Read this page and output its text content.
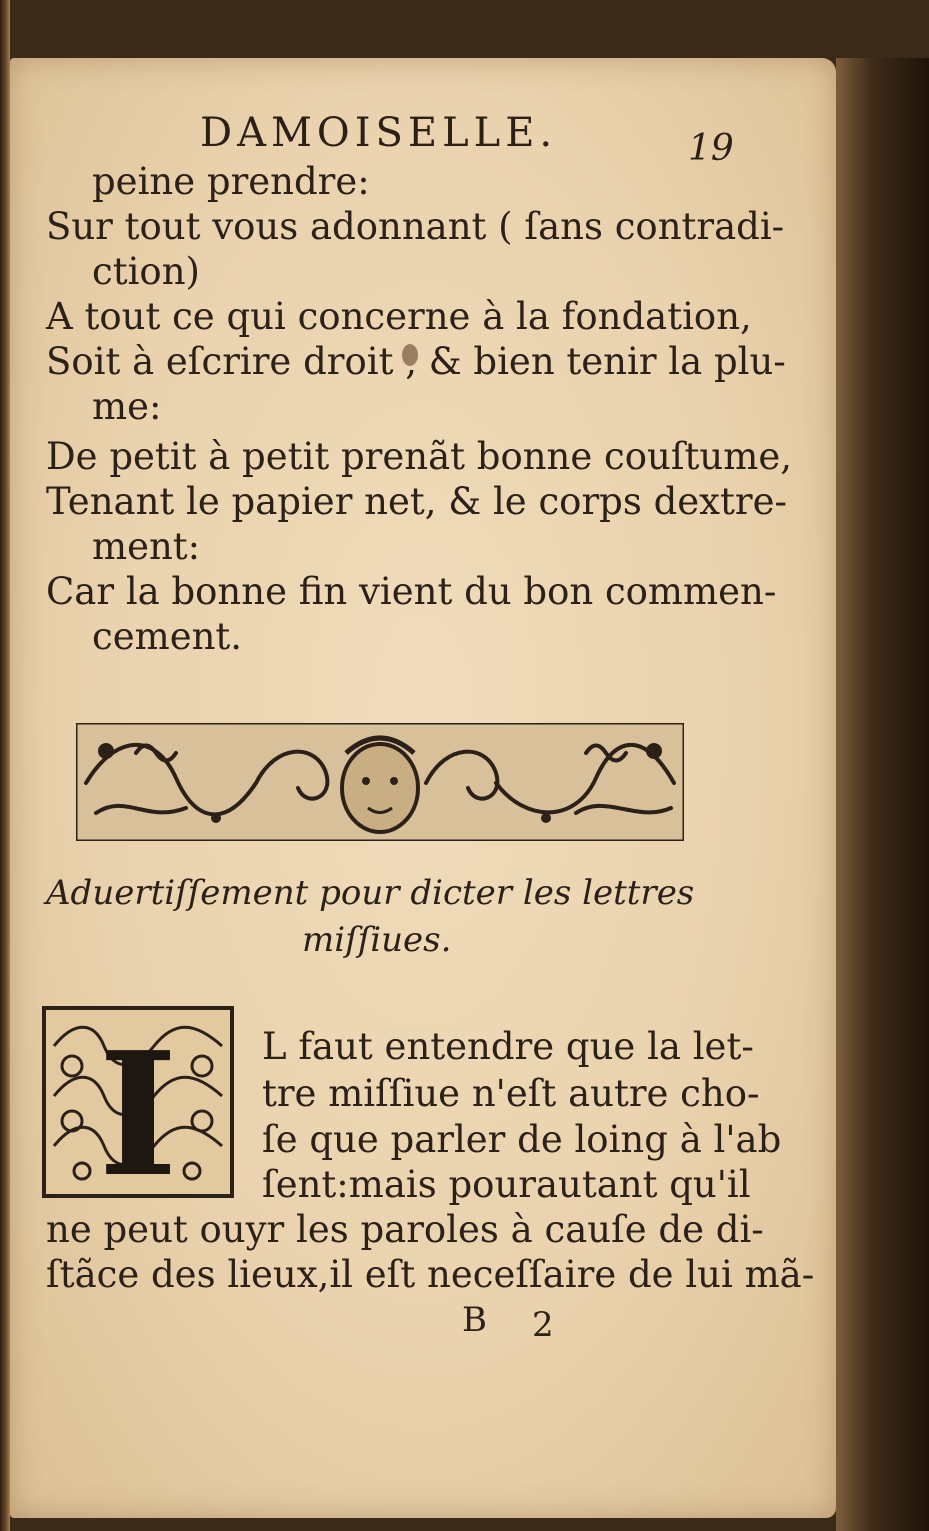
DAMOISELLE.	19
peine prendre:
Sur tout vous adonnant ( ſans contradi-
ction)
A tout ce qui concerne à la fondation,
Soit à eſcrire droit , & bien tenir la plu-
me:
De petit à petit prenãt bonne couſtume,
Tenant le papier net, & le corps dextre-
ment:
Car la bonne fin vient du bon commen-
cement.
Aduertiſſement pour dicter les lettres
miſſiues.
I L faut entendre que la let-
tre miſſiue n'eſt autre cho-
ſe que parler de loing à l'ab
ſent:mais pourautant qu'il
ne peut ouyr les paroles à cauſe de di-
ſtãce des lieux,il eſt neceſſaire de lui mã-
B 2
